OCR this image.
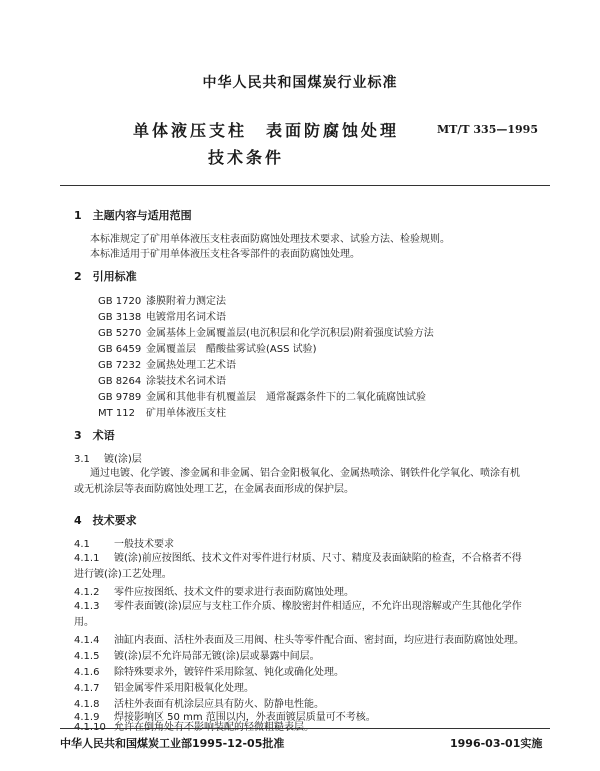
中华人民共和国煤炭行业标准
单体液压支柱　表面防腐蚀处理
技术条件
MT/T 335—1995
1　主题内容与适用范围
本标准规定了矿用单体液压支柱表面防腐蚀处理技术要求、试验方法、检验规则。
本标准适用于矿用单体液压支柱各零部件的表面防腐蚀处理。
2　引用标准
GB 1720 漆膜附着力测定法
GB 3138 电镀常用名词术语
GB 5270 金属基体上金属覆盖层(电沉积层和化学沉积层)附着强度试验方法
GB 6459 金属覆盖层　醋酸盐雾试验(ASS 试验)
GB 7232 金属热处理工艺术语
GB 8264 涂装技术名词术语
GB 9789 金属和其他非有机覆盖层　通常凝露条件下的二氧化硫腐蚀试验
MT 112 矿用单体液压支柱
3　术语
3.1 镀(涂)层
通过电镀、化学镀、渗金属和非金属、铝合金阳极氧化、金属热喷涂、钢铁件化学氧化、喷涂有机或无机涂层等表面防腐蚀处理工艺，在金属表面形成的保护层。
4　技术要求
4.1 一般技术要求
4.1.1 镀(涂)前应按图纸、技术文件对零件进行材质、尺寸、精度及表面缺陷的检查，不合格者不得进行镀(涂)工艺处理。
4.1.2 零件应按图纸、技术文件的要求进行表面防腐蚀处理。
4.1.3 零件表面镀(涂)层应与支柱工作介质、橡胶密封件相适应，不允许出现溶解或产生其他化学作用。
4.1.4 油缸内表面、活柱外表面及三用阀、柱头等零件配合面、密封面，均应进行表面防腐蚀处理。
4.1.5 镀(涂)层不允许局部无镀(涂)层或暴露中间层。
4.1.6 除特殊要求外，镀锌件采用除氢、钝化或确化处理。
4.1.7 铝金属零件采用阳极氧化处理。
4.1.8 活柱外表面有机涂层应具有防火、防静电性能。
4.1.9 焊接影响区 50 mm 范围以内，外表面镀层质量可不考核。
4.1.10 允许在倒角处有不影响装配的轻微粗糙表层。
中华人民共和国煤炭工业部1995-12-05批准	1996-03-01实施
